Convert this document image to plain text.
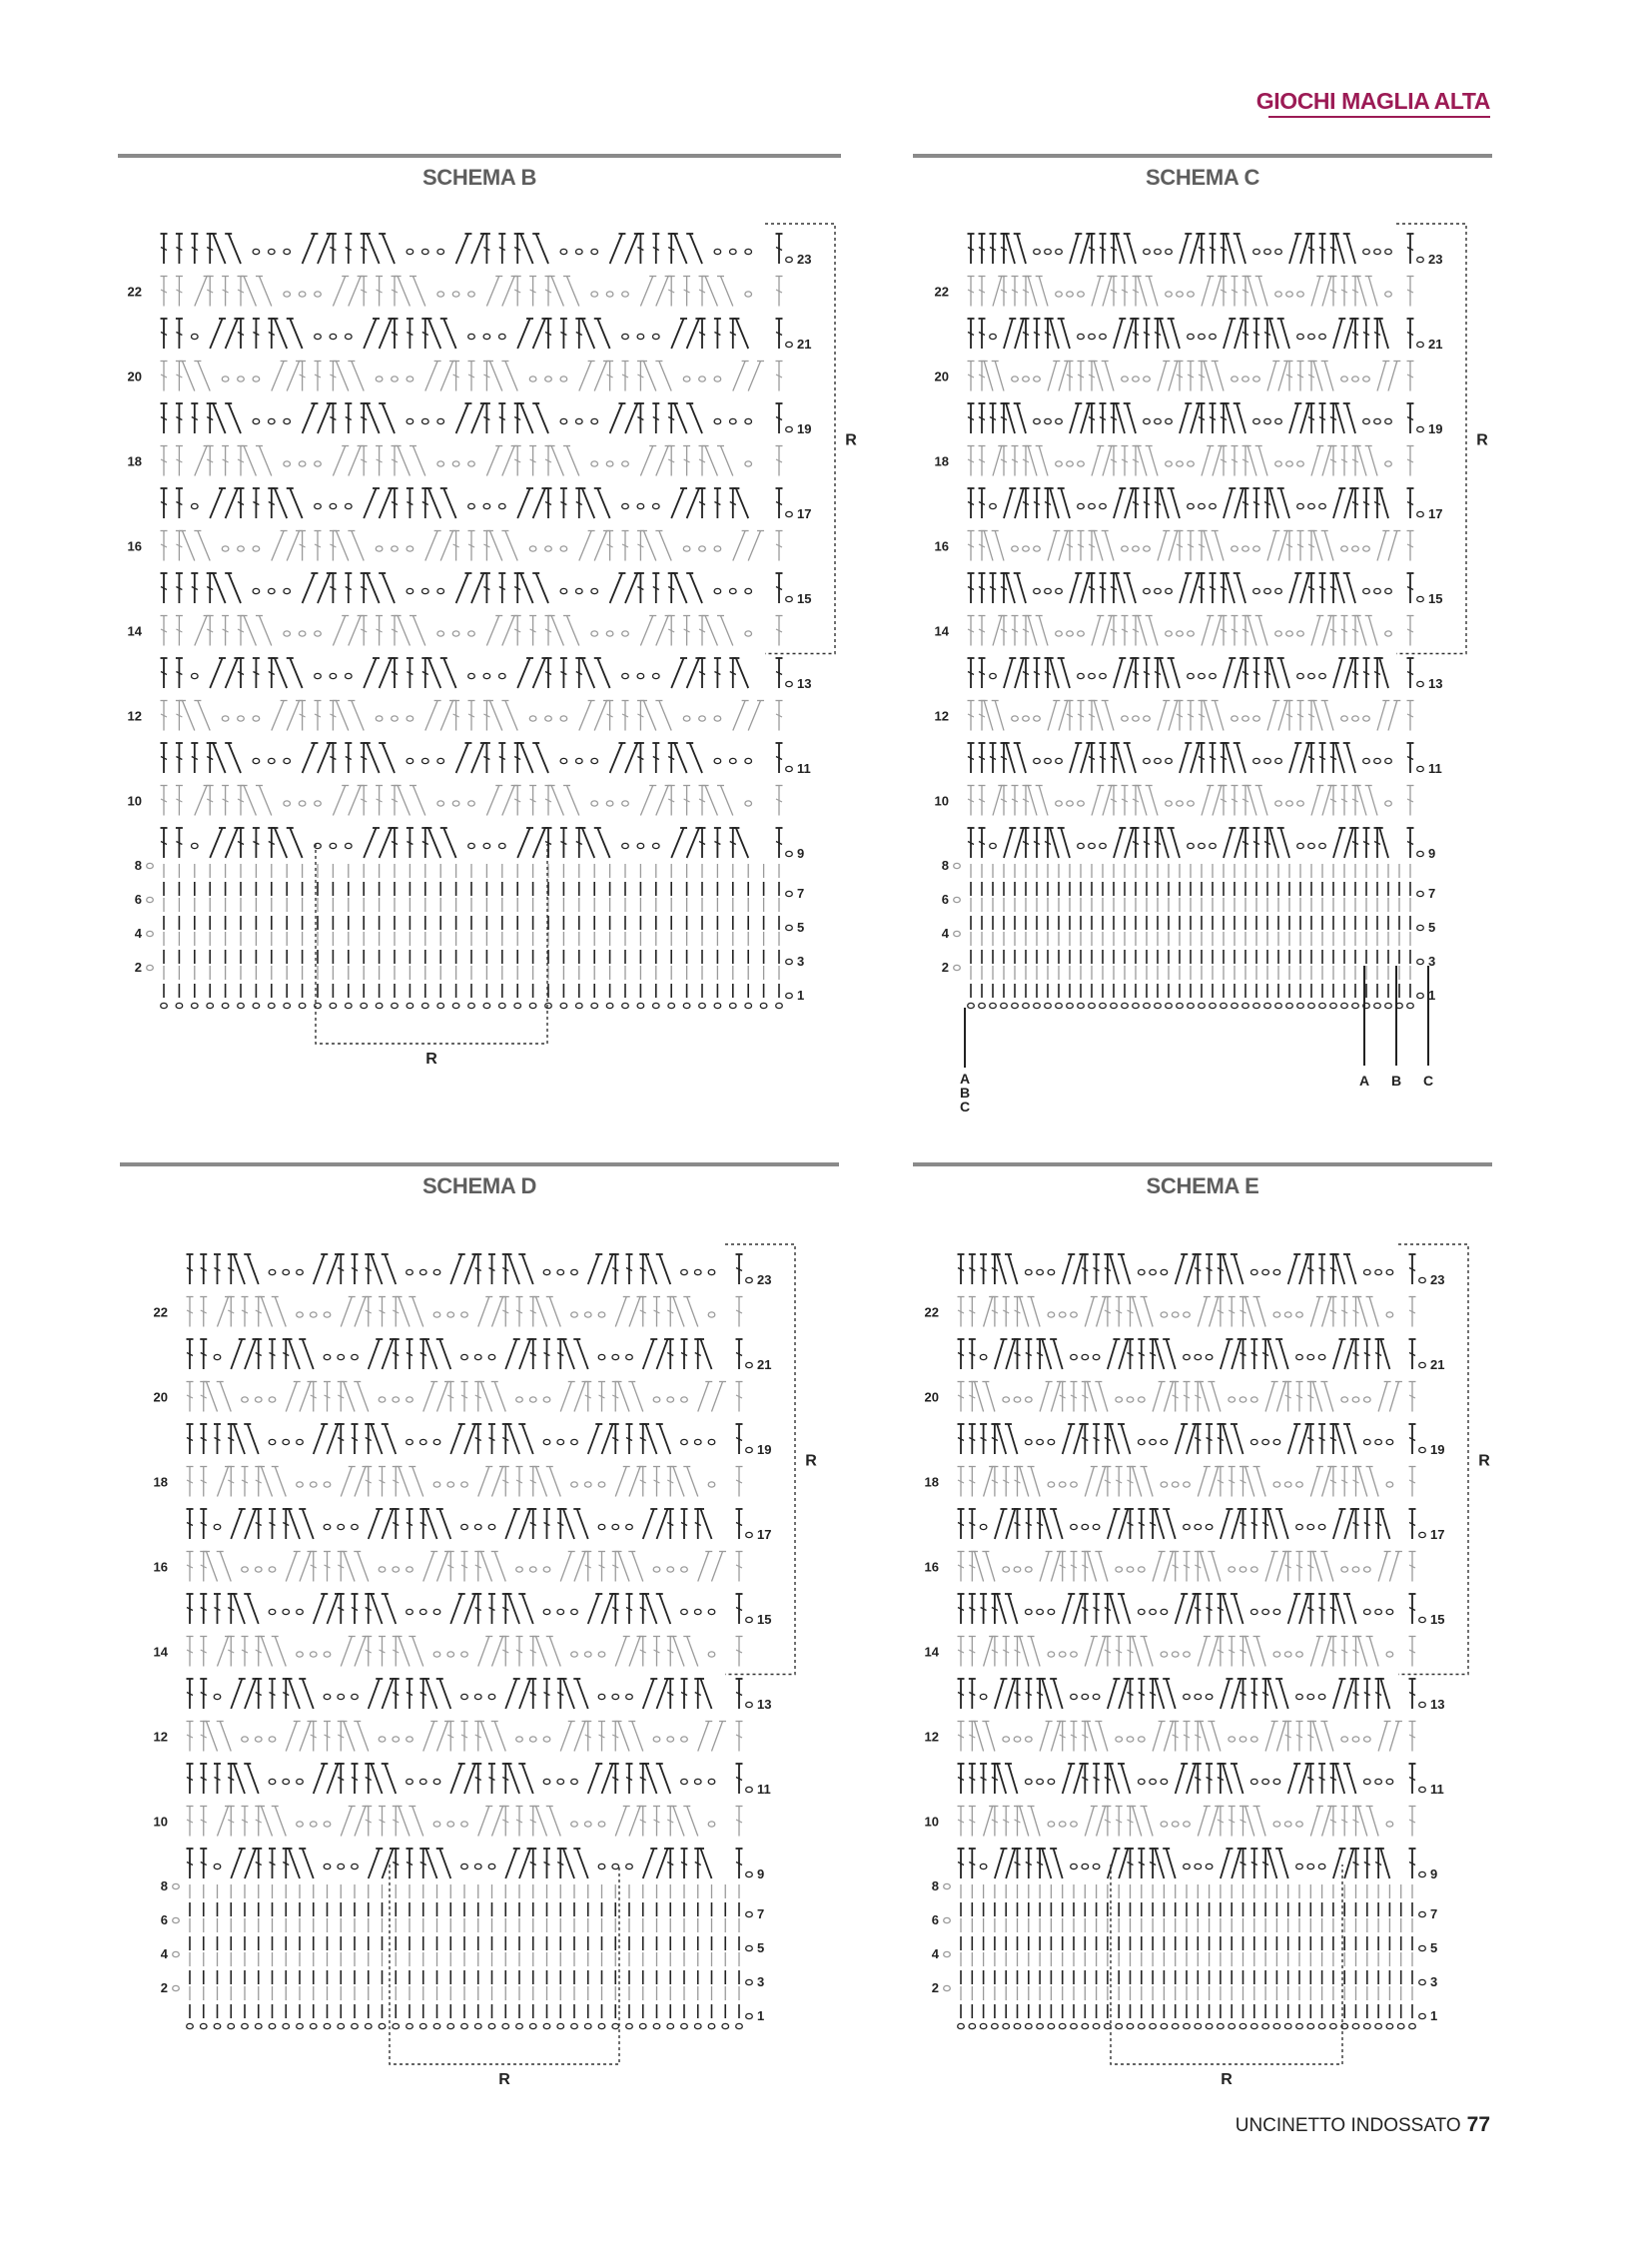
GIOCHI MAGLIA ALTA
SCHEMA B
2
4
6
8
10
12
14
16
18
20
22
1
3
5
7
9
11
13
15
17
19
21
23
R
R
SCHEMA C
2
4
6
8
10
12
14
16
18
20
22
1
3
5
7
9
11
13
15
17
19
21
23
R
A
B
C
A B C
SCHEMA D
2
4
6
8
10
12
14
16
18
20
22
1
3
5
7
9
11
13
15
17
19
21
23
R
R
SCHEMA E
2
4
6
8
10
12
14
16
18
20
22
1
3
5
7
9
11
13
15
17
19
21
23
R
R
UNCINETTO INDOSSATO 77
